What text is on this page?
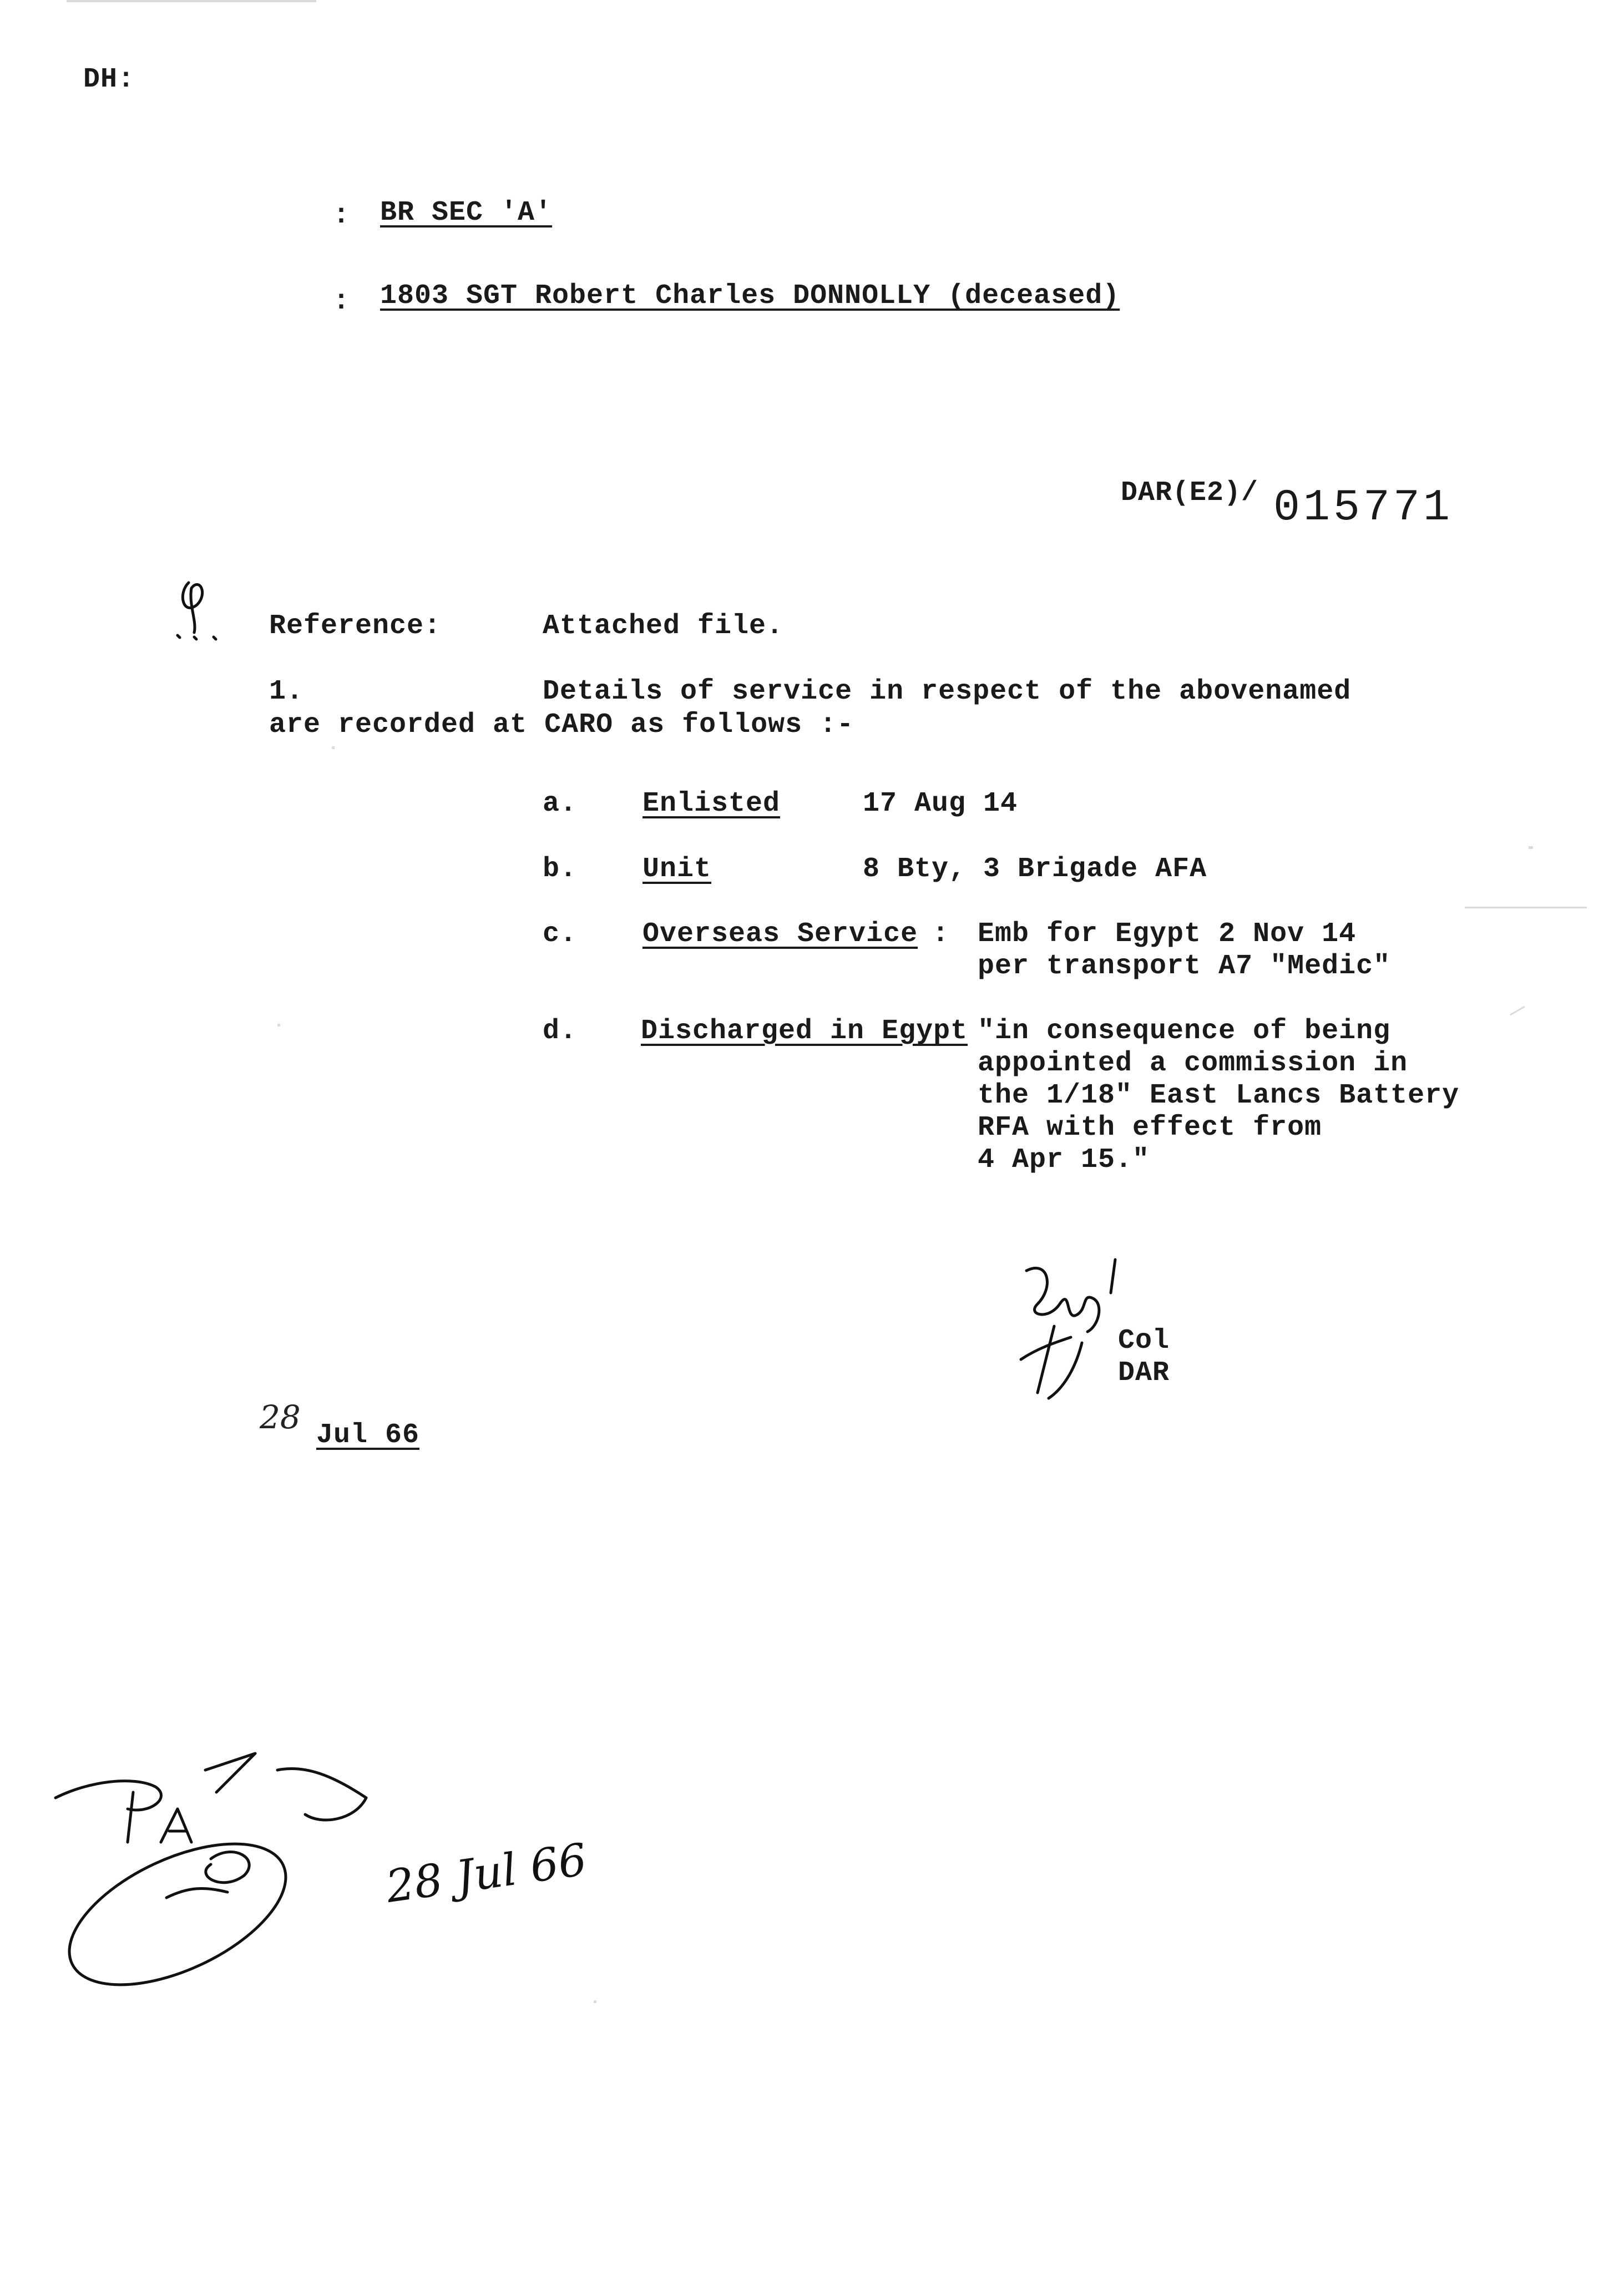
DH:
: BR SEC 'A'
: 1803 SGT Robert Charles DONNOLLY (deceased)
DAR(E2)/ 015771
Reference:	Attached file.
1.	Details of service in respect of the abovenamed
are recorded at CARO as follows :-
a. Enlisted	17 Aug 14
b. Unit	8 Bty, 3 Brigade AFA
c. Overseas Service : Emb for Egypt 2 Nov 14
per transport A7 "Medic"
d. Discharged in Egypt "in consequence of being
appointed a commission in
the 1/18" East Lancs Battery
RFA with effect from
4 Apr 15."
Col
DAR
28 Jul 66
28 Jul 66
